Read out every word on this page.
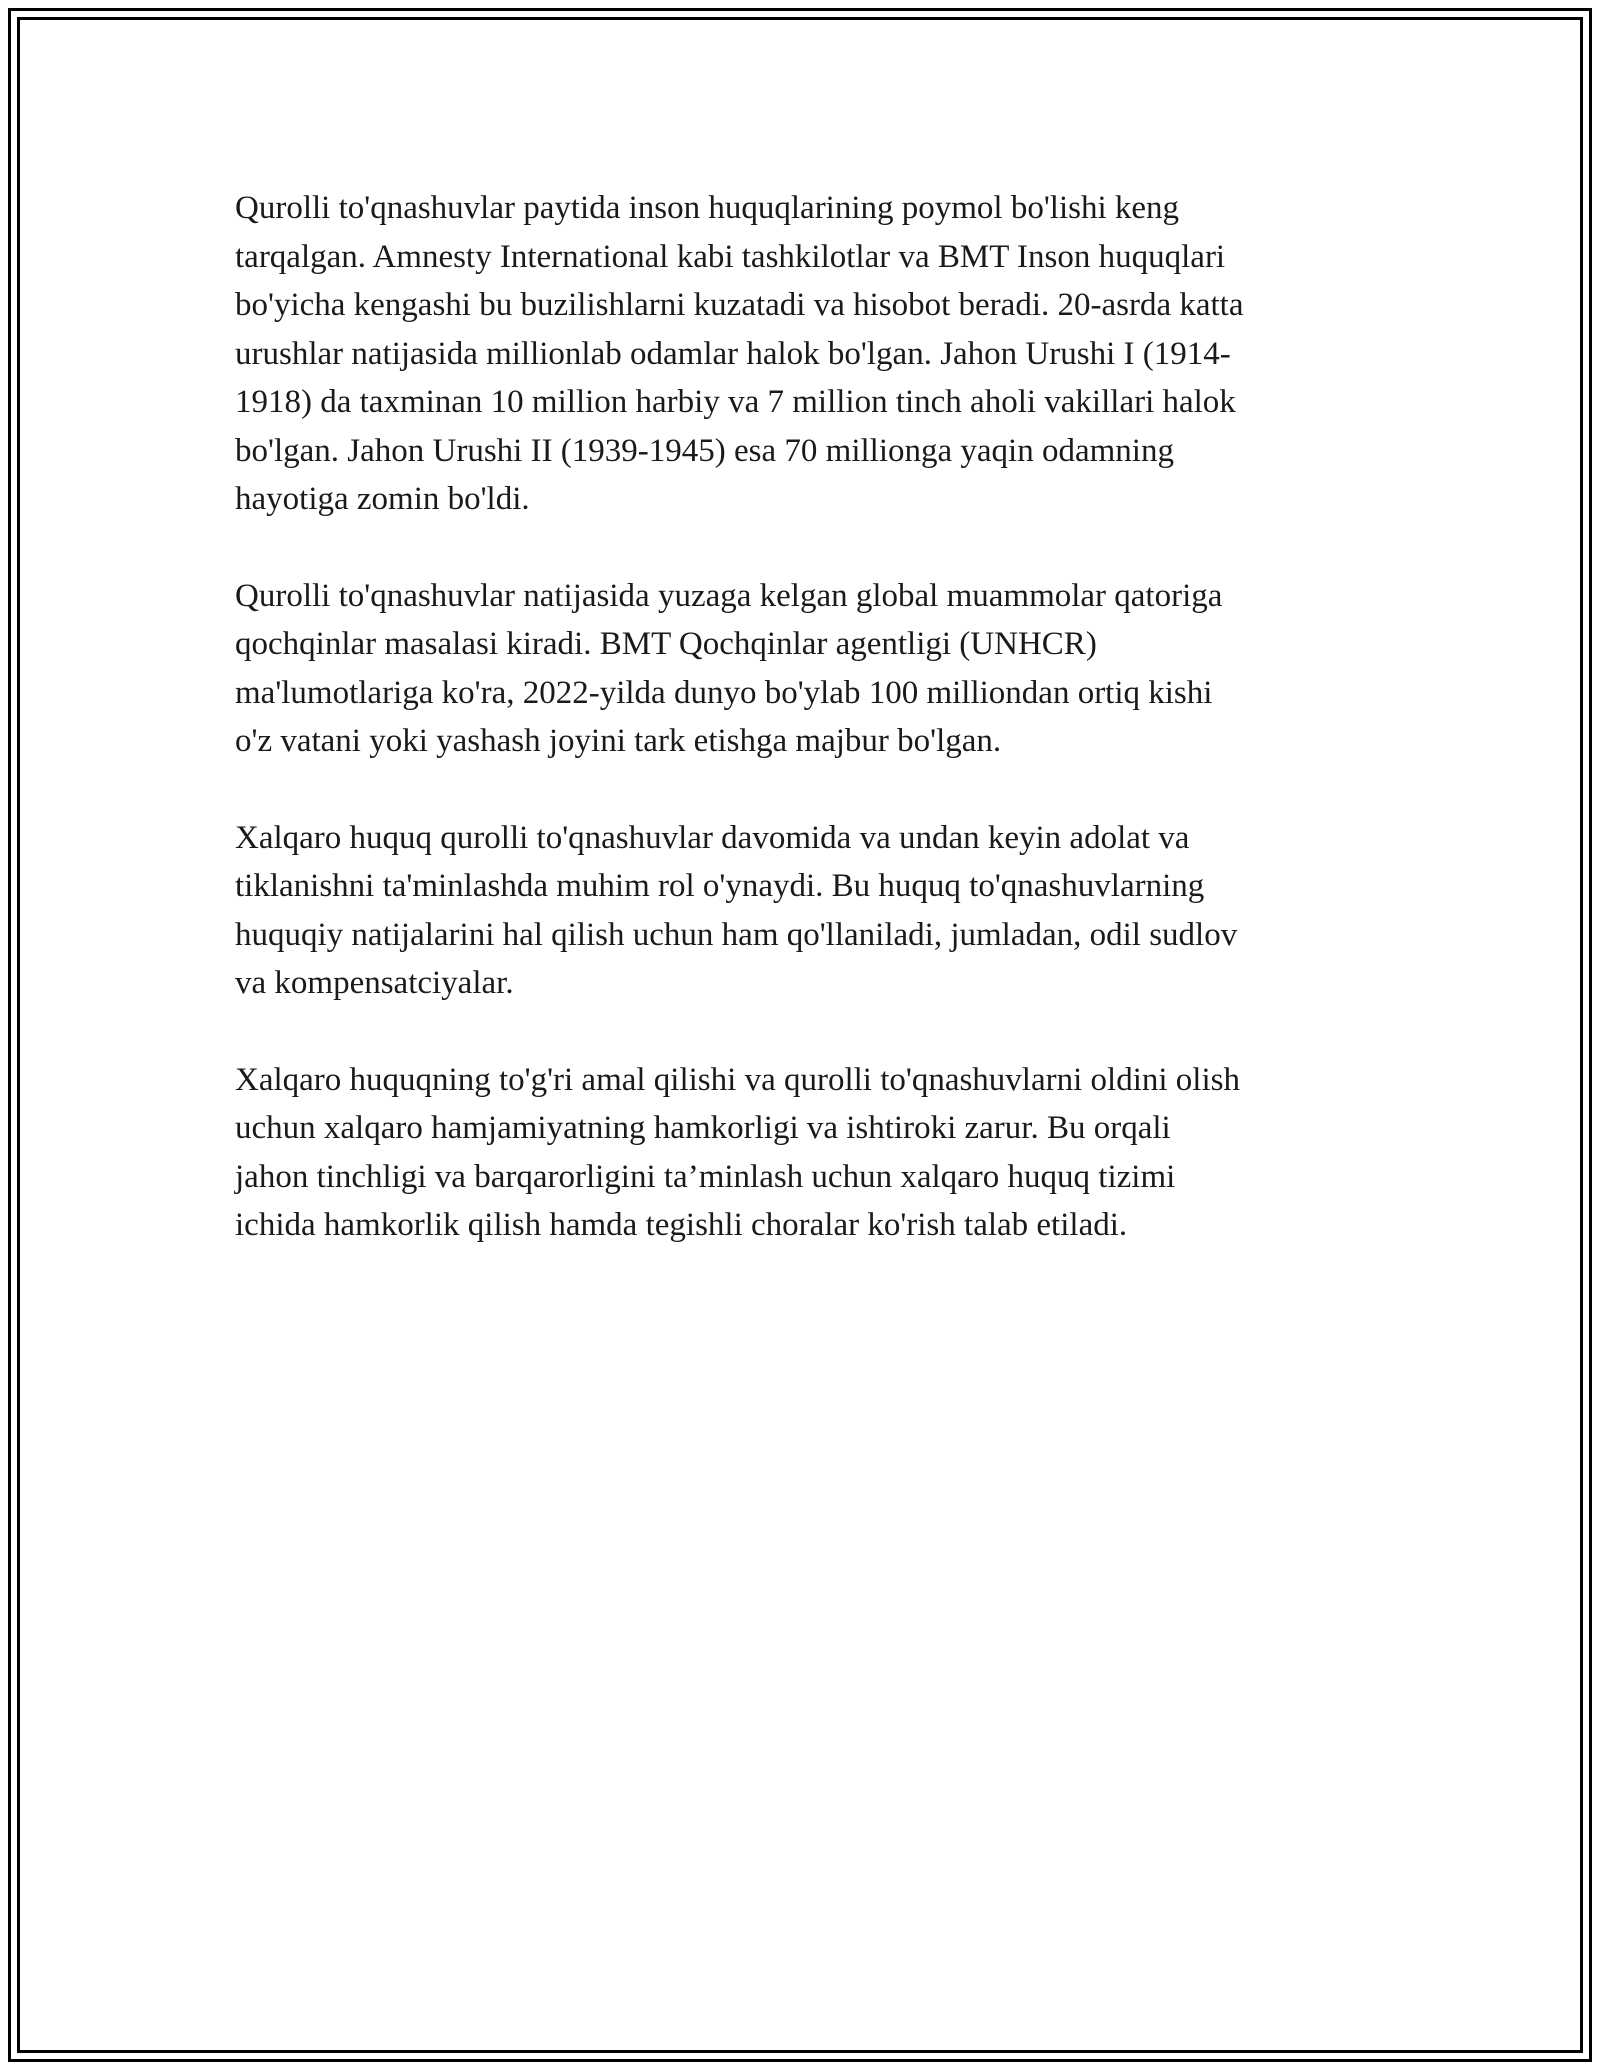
Qurolli to'qnashuvlar paytida inson huquqlarining poymol bo'lishi keng
tarqalgan. Amnesty International kabi tashkilotlar va BMT Inson huquqlari
bo'yicha kengashi bu buzilishlarni kuzatadi va hisobot beradi. 20-asrda katta
urushlar natijasida millionlab odamlar halok bo'lgan. Jahon Urushi I (1914-
1918) da taxminan 10 million harbiy va 7 million tinch aholi vakillari halok
bo'lgan. Jahon Urushi II (1939-1945) esa 70 millionga yaqin odamning
hayotiga zomin bo'ldi.

Qurolli to'qnashuvlar natijasida yuzaga kelgan global muammolar qatoriga
qochqinlar masalasi kiradi. BMT Qochqinlar agentligi (UNHCR)
ma'lumotlariga ko'ra, 2022-yilda dunyo bo'ylab 100 milliondan ortiq kishi
o'z vatani yoki yashash joyini tark etishga majbur bo'lgan.

Xalqaro huquq qurolli to'qnashuvlar davomida va undan keyin adolat va
tiklanishni ta'minlashda muhim rol o'ynaydi. Bu huquq to'qnashuvlarning
huquqiy natijalarini hal qilish uchun ham qo'llaniladi, jumladan, odil sudlov
va kompensatciyalar.

Xalqaro huquqning to'g'ri amal qilishi va qurolli to'qnashuvlarni oldini olish
uchun xalqaro hamjamiyatning hamkorligi va ishtiroki zarur. Bu orqali
jahon tinchligi va barqarorligini ta’minlash uchun xalqaro huquq tizimi
ichida hamkorlik qilish hamda tegishli choralar ko'rish talab etiladi.
